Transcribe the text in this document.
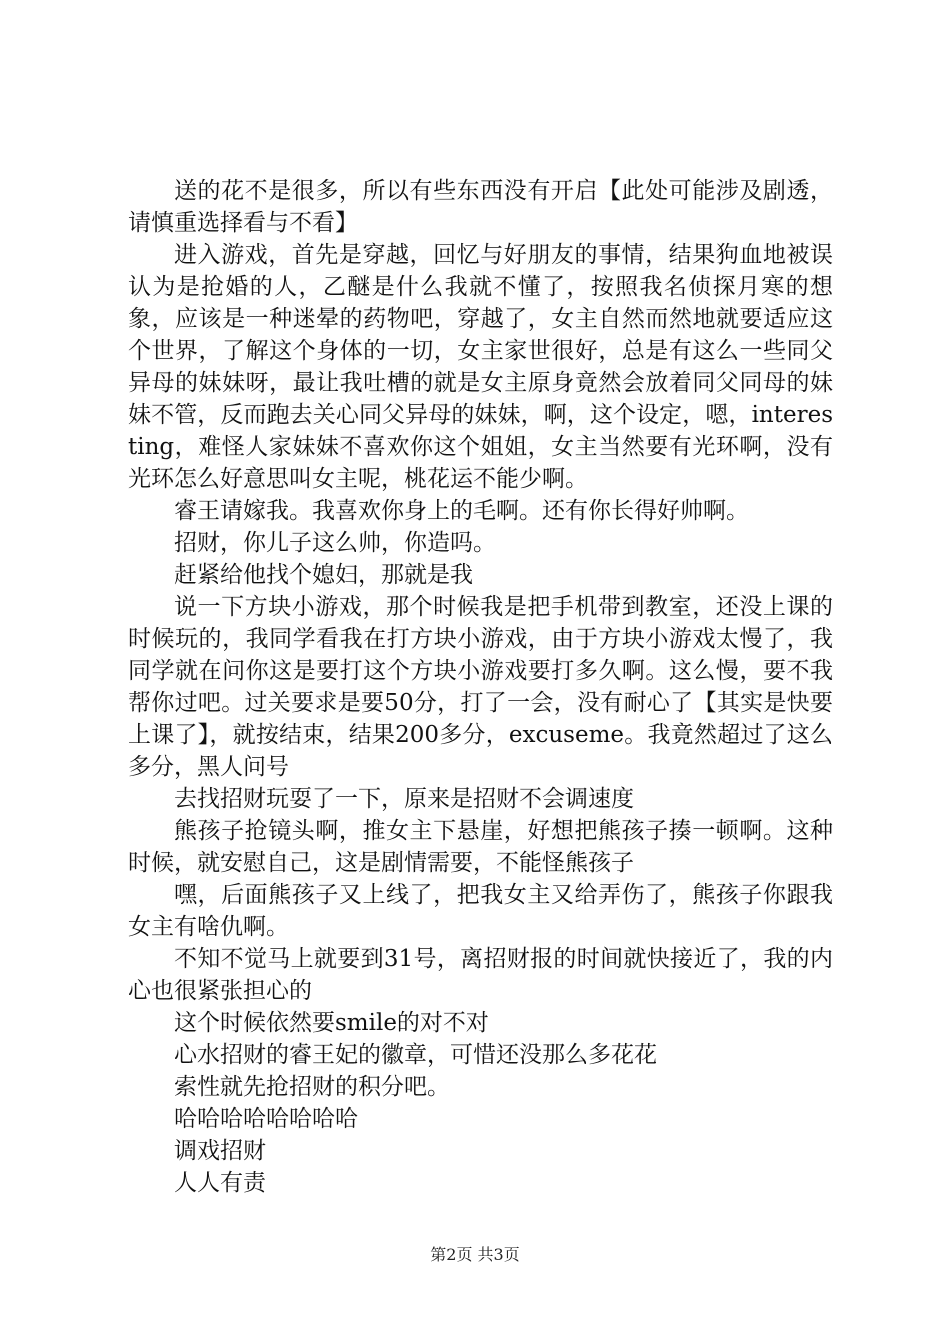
送的花不是很多，所以有些东西没有开启【此处可能涉及剧透，请慎重选择看与不看】

进入游戏，首先是穿越，回忆与好朋友的事情，结果狗血地被误认为是抢婚的人，乙醚是什么我就不懂了，按照我名侦探月寒的想象，应该是一种迷晕的药物吧，穿越了，女主自然而然地就要适应这个世界，了解这个身体的一切，女主家世很好，总是有这么一些同父异母的妹妹呀，最让我吐槽的就是女主原身竟然会放着同父同母的妹妹不管，反而跑去关心同父异母的妹妹，啊，这个设定，嗯，interesting，难怪人家妹妹不喜欢你这个姐姐，女主当然要有光环啊，没有光环怎么好意思叫女主呢，桃花运不能少啊。

睿王请嫁我。我喜欢你身上的毛啊。还有你长得好帅啊。

招财，你儿子这么帅，你造吗。

赶紧给他找个媳妇，那就是我

说一下方块小游戏，那个时候我是把手机带到教室，还没上课的时候玩的，我同学看我在打方块小游戏，由于方块小游戏太慢了，我同学就在问你这是要打这个方块小游戏要打多久啊。这么慢，要不我帮你过吧。过关要求是要50分，打了一会，没有耐心了【其实是快要上课了】，就按结束，结果200多分，excuseme。我竟然超过了这么多分，黑人问号

去找招财玩耍了一下，原来是招财不会调速度

熊孩子抢镜头啊，推女主下悬崖，好想把熊孩子揍一顿啊。这种时候，就安慰自己，这是剧情需要，不能怪熊孩子

嘿，后面熊孩子又上线了，把我女主又给弄伤了，熊孩子你跟我女主有啥仇啊。

不知不觉马上就要到31号，离招财报的时间就快接近了，我的内心也很紧张担心的

这个时候依然要smile的对不对

心水招财的睿王妃的徽章，可惜还没那么多花花

索性就先抢招财的积分吧。

哈哈哈哈哈哈哈哈

调戏招财

人人有责

第2页 共3页
